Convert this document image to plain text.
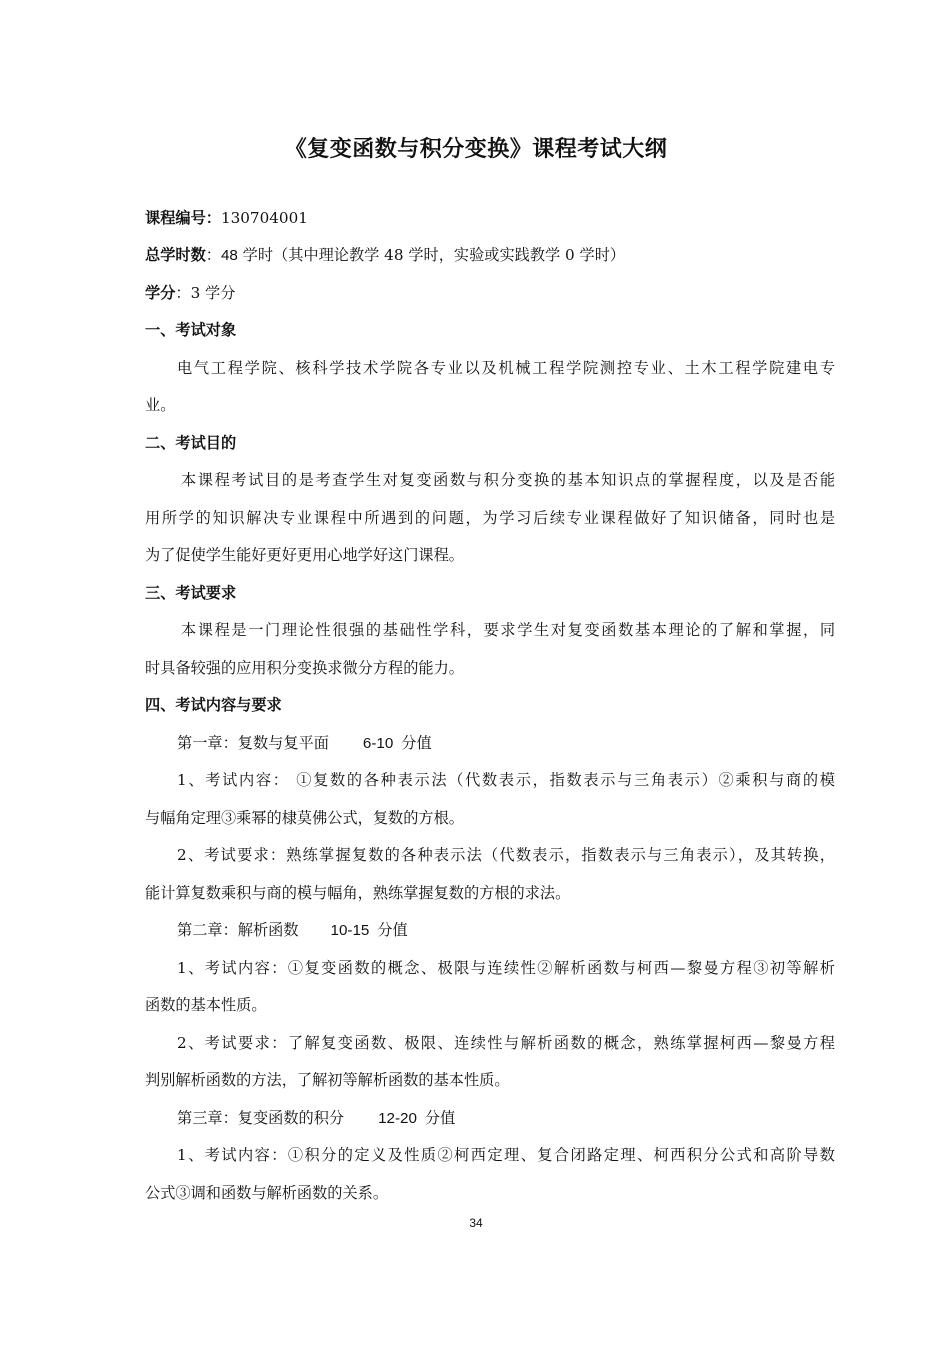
《复变函数与积分变换》课程考试大纲
课程编号：130704001
总学时数：48 学时（其中理论教学 48 学时，实验或实践教学 0 学时）
学分：3 学分
一、考试对象
电气工程学院、核科学技术学院各专业以及机械工程学院测控专业、土木工程学院建电专
业。
二、考试目的
本课程考试目的是考查学生对复变函数与积分变换的基本知识点的掌握程度，以及是否能
用所学的知识解决专业课程中所遇到的问题，为学习后续专业课程做好了知识储备，同时也是
为了促使学生能好更好更用心地学好这门课程。
三、考试要求
本课程是一门理论性很强的基础性学科，要求学生对复变函数基本理论的了解和掌握，同
时具备较强的应用积分变换求微分方程的能力。
四、考试内容与要求
第一章：复数与复平面 6-10 分值
1、考试内容： ①复数的各种表示法（代数表示，指数表示与三角表示）②乘积与商的模
与幅角定理③乘幂的棣莫佛公式，复数的方根。
2、考试要求：熟练掌握复数的各种表示法（代数表示，指数表示与三角表示），及其转换，
能计算复数乘积与商的模与幅角，熟练掌握复数的方根的求法。
第二章：解析函数 10-15 分值
1、考试内容：①复变函数的概念、极限与连续性②解析函数与柯西—黎曼方程③初等解析
函数的基本性质。
2、考试要求：了解复变函数、极限、连续性与解析函数的概念，熟练掌握柯西—黎曼方程
判别解析函数的方法，了解初等解析函数的基本性质。
第三章：复变函数的积分 12-20 分值
1、考试内容：①积分的定义及性质②柯西定理、复合闭路定理、柯西积分公式和高阶导数
公式③调和函数与解析函数的关系。
34
